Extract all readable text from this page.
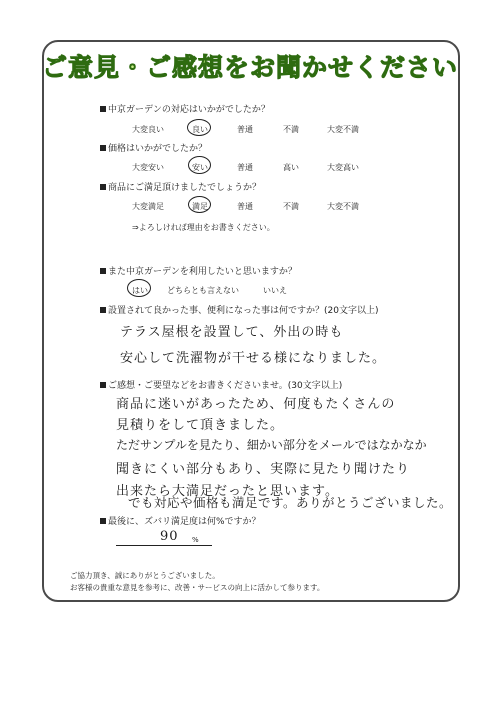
ご意見・ご感想をお聞かせください
中京ガーデンの対応はいかがでしたか？
大変良い	良い	普通	不満	大変不満
価格はいかがでしたか？
大変安い	安い	普通	高い	大変高い
商品にご満足頂けましたでしょうか？
大変満足	満足	普通	不満	大変不満
⇒よろしければ理由をお書きください。
また中京ガーデンを利用したいと思いますか？
はい どちらとも言えない	いいえ
設置されて良かった事、便利になった事は何ですか？(20文字以上)
テラス屋根を設置して、外出の時も
安心して洗濯物が干せる様になりました。
ご感想・ご要望などをお書きくださいませ。(30文字以上)
商品に迷いがあったため、何度もたくさんの
見積りをして頂きました。
ただサンプルを見たり、細かい部分をメールではなかなか
聞きにくい部分もあり、実際に見たり聞けたり
出来たら大満足だったと思います。
でも対応や価格も満足です。ありがとうございました。
最後に、ズバリ満足度は何%ですか？
90 %
ご協力頂き、誠にありがとうございました。
お客様の貴重な意見を参考に、改善・サービスの向上に活かして参ります。
